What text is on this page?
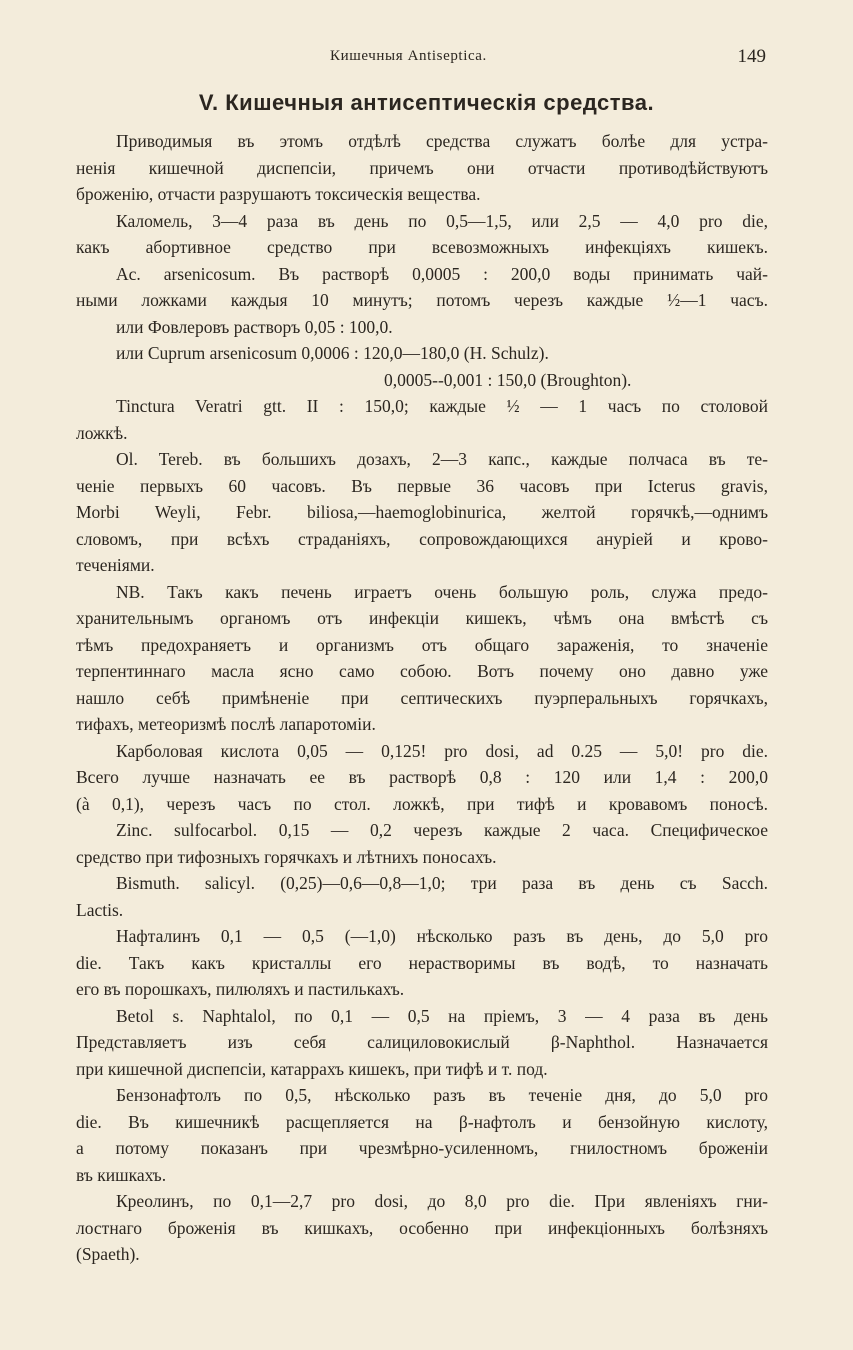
Кишечныя Antiseptica.	149
V. Кишечныя антисептическія средства.
Приводимыя въ этомъ отдѣлѣ средства служатъ болѣе для устра-
ненія кишечной диспепсіи, причемъ они отчасти противодѣйствуютъ
броженію, отчасти разрушаютъ токсическія вещества.
Каломель, 3—4 раза въ день по 0,5—1,5, или 2,5 — 4,0 pro die,
какъ абортивное средство при всевозможныхъ инфекціяхъ кишекъ.
Ac. arsenicosum. Въ растворѣ 0,0005 : 200,0 воды принимать чай-
ными ложками каждыя 10 минутъ; потомъ черезъ каждые ½—1 часъ.
или Фовлеровъ растворъ 0,05 : 100,0.
или Cuprum arsenicosum 0,0006 : 120,0—180,0 (H. Schulz).
0,0005--0,001 : 150,0 (Broughton).
Tinctura Veratri gtt. II : 150,0; каждые ½ — 1 часъ по столовой
ложкѣ.
Ol. Tereb. въ большихъ дозахъ, 2—3 капс., каждые полчаса въ те-
ченіе первыхъ 60 часовъ. Въ первые 36 часовъ при Icterus gravis,
Morbi Weyli, Febr. biliosa,—haemoglobinurica, желтой горячкѣ,—однимъ
словомъ, при всѣхъ страданіяхъ, сопровождающихся ануріей и крово-
теченіями.
NB. Такъ какъ печень играетъ очень большую роль, служа предо-
хранительнымъ органомъ отъ инфекціи кишекъ, чѣмъ она вмѣстѣ съ
тѣмъ предохраняетъ и организмъ отъ общаго зараженія, то значеніе
терпентиннаго масла ясно само собою. Вотъ почему оно давно уже
нашло себѣ примѣненіе при септическихъ пуэрперальныхъ горячкахъ,
тифахъ, метеоризмѣ послѣ лапаротоміи.
Карболовая кислота 0,05 — 0,125! pro dosi, ad 0.25 — 5,0! pro die.
Всего лучше назначать ее въ растворѣ 0,8 : 120 или 1,4 : 200,0
(à 0,1), черезъ часъ по стол. ложкѣ, при тифѣ и кровавомъ поносѣ.
Zinc. sulfocarbol. 0,15 — 0,2 черезъ каждые 2 часа. Специфическое
средство при тифозныхъ горячкахъ и лѣтнихъ поносахъ.
Bismuth. salicyl. (0,25)—0,6—0,8—1,0; три раза въ день съ Sacch.
Lactis.
Нафталинъ 0,1 — 0,5 (—1,0) нѣсколько разъ въ день, до 5,0 pro
die. Такъ какъ кристаллы его нерастворимы въ водѣ, то назначать
его въ порошкахъ, пилюляхъ и пастилькахъ.
Betol s. Naphtalol, по 0,1 — 0,5 на пріемъ, 3 — 4 раза въ день
Представляетъ изъ себя салициловокислый β-Naphthol. Назначается
при кишечной диспепсіи, катаррахъ кишекъ, при тифѣ и т. под.
Бензонафтолъ по 0,5, нѣсколько разъ въ теченіе дня, до 5,0 pro
die. Въ кишечникѣ расщепляется на β-нафтолъ и бензойную кислоту,
а потому показанъ при чрезмѣрно-усиленномъ, гнилостномъ броженіи
въ кишкахъ.
Креолинъ, по 0,1—2,7 pro dosi, до 8,0 pro die. При явленіяхъ гни-
лостнаго броженія въ кишкахъ, особенно при инфекціонныхъ болѣзняхъ
(Spaeth).
